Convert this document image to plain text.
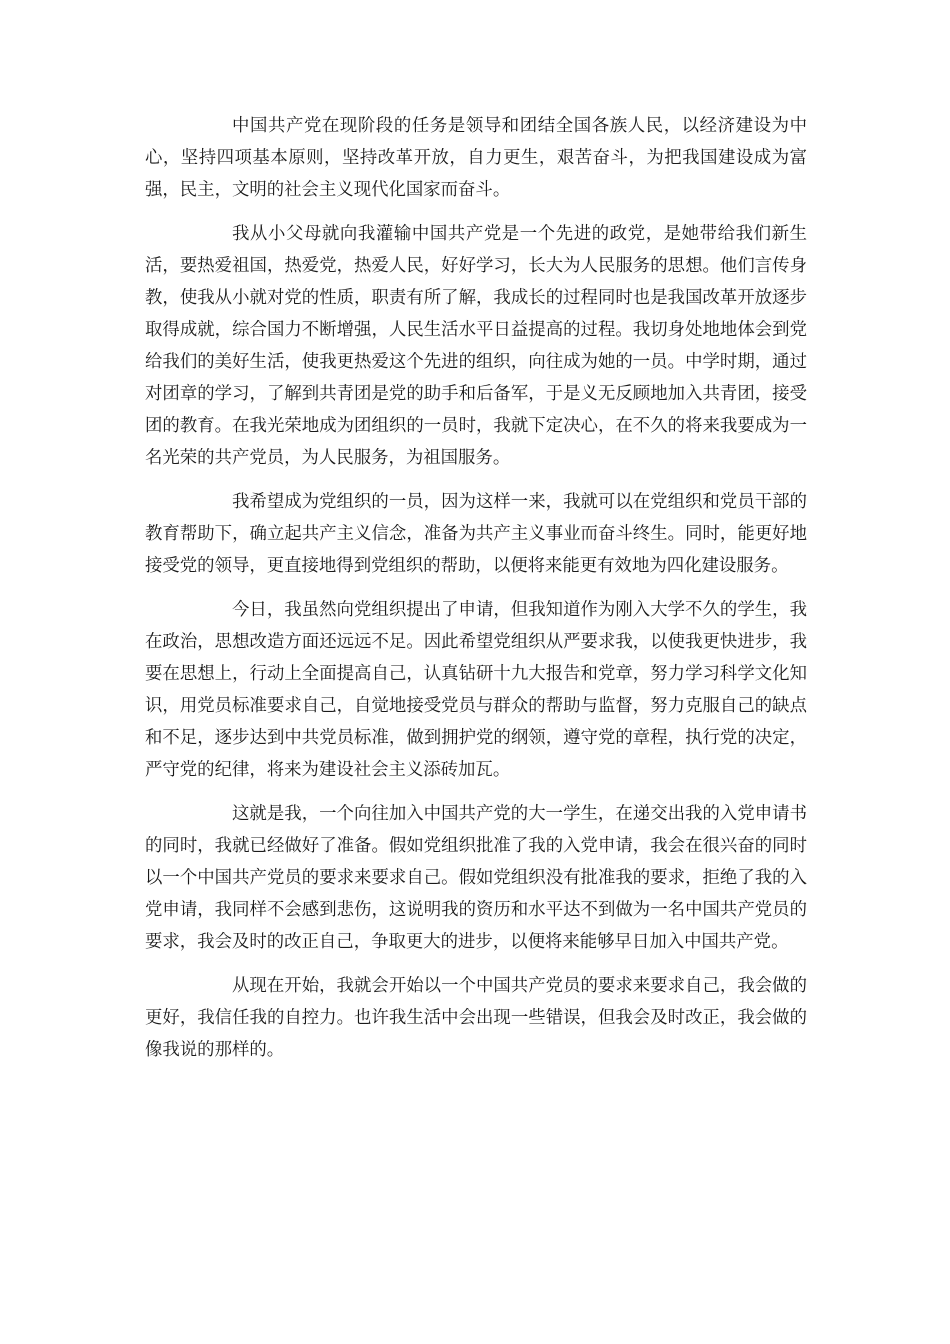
中国共产党在现阶段的任务是领导和团结全国各族人民，以经济建设为中心，坚持四项基本原则，坚持改革开放，自力更生，艰苦奋斗，为把我国建设成为富强，民主，文明的社会主义现代化国家而奋斗。

我从小父母就向我灌输中国共产党是一个先进的政党，是她带给我们新生活，要热爱祖国，热爱党，热爱人民，好好学习，长大为人民服务的思想。他们言传身教，使我从小就对党的性质，职责有所了解，我成长的过程同时也是我国改革开放逐步取得成就，综合国力不断增强，人民生活水平日益提高的过程。我切身处地地体会到党给我们的美好生活，使我更热爱这个先进的组织，向往成为她的一员。中学时期，通过对团章的学习，了解到共青团是党的助手和后备军，于是义无反顾地加入共青团，接受团的教育。在我光荣地成为团组织的一员时，我就下定决心，在不久的将来我要成为一名光荣的共产党员，为人民服务，为祖国服务。

我希望成为党组织的一员，因为这样一来，我就可以在党组织和党员干部的教育帮助下，确立起共产主义信念，准备为共产主义事业而奋斗终生。同时，能更好地接受党的领导，更直接地得到党组织的帮助，以便将来能更有效地为四化建设服务。

今日，我虽然向党组织提出了申请，但我知道作为刚入大学不久的学生，我在政治，思想改造方面还远远不足。因此希望党组织从严要求我，以使我更快进步，我要在思想上，行动上全面提高自己，认真钻研十九大报告和党章，努力学习科学文化知识，用党员标准要求自己，自觉地接受党员与群众的帮助与监督，努力克服自己的缺点和不足，逐步达到中共党员标准，做到拥护党的纲领，遵守党的章程，执行党的决定，严守党的纪律，将来为建设社会主义添砖加瓦。

这就是我，一个向往加入中国共产党的大一学生，在递交出我的入党申请书的同时，我就已经做好了准备。假如党组织批准了我的入党申请，我会在很兴奋的同时以一个中国共产党员的要求来要求自己。假如党组织没有批准我的要求，拒绝了我的入党申请，我同样不会感到悲伤，这说明我的资历和水平达不到做为一名中国共产党员的要求，我会及时的改正自己，争取更大的进步，以便将来能够早日加入中国共产党。

从现在开始，我就会开始以一个中国共产党员的要求来要求自己，我会做的更好，我信任我的自控力。也许我生活中会出现一些错误，但我会及时改正，我会做的像我说的那样的。
